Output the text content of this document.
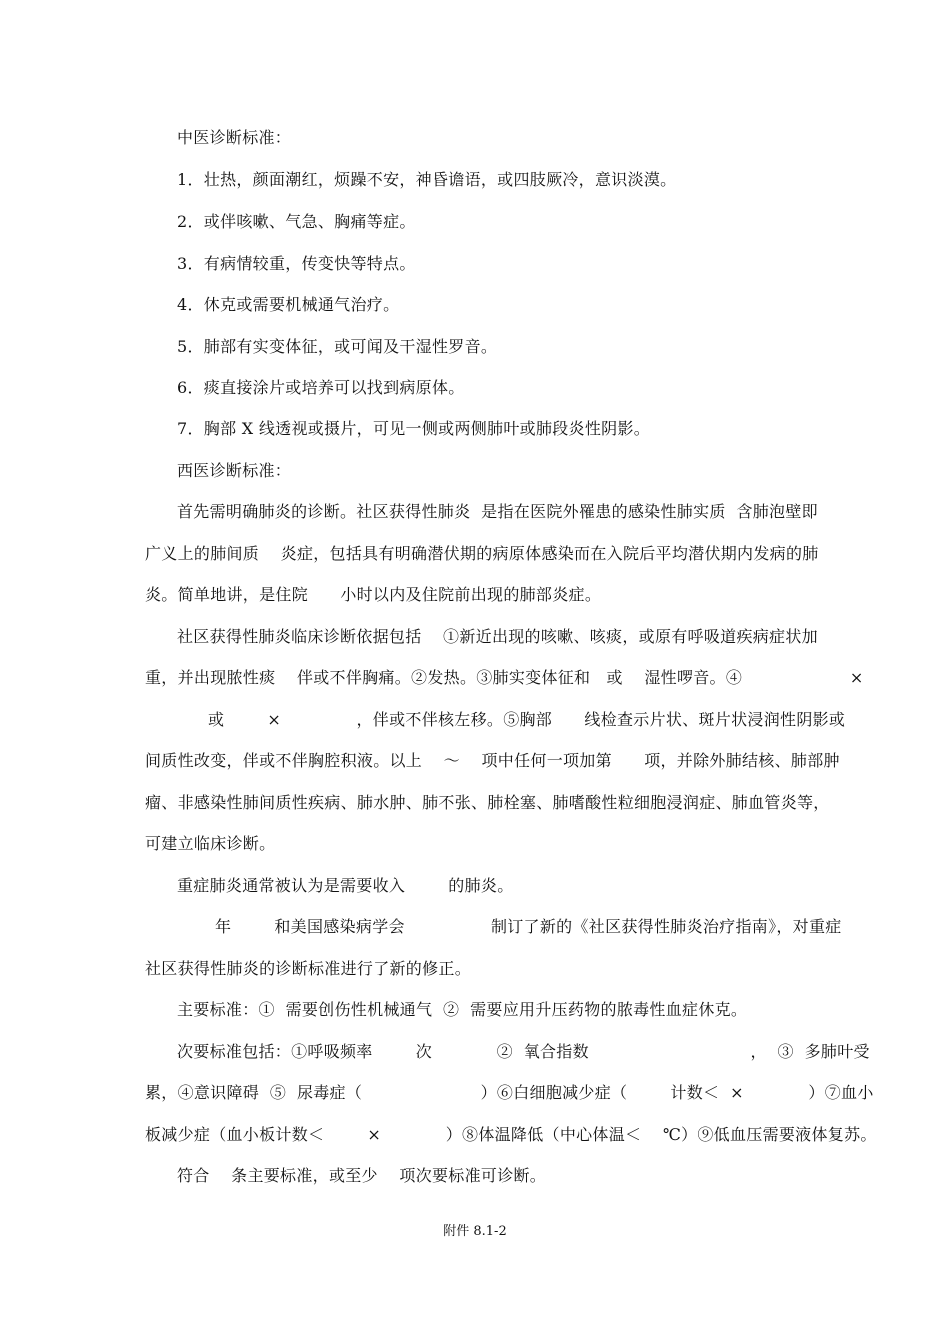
中医诊断标准：
1．壮热，颜面潮红，烦躁不安，神昏谵语，或四肢厥冷，意识淡漠。
2．或伴咳嗽、气急、胸痛等症。
3．有病情较重，传变快等特点。
4．休克或需要机械通气治疗。
5．肺部有实变体征，或可闻及干湿性罗音。
6．痰直接涂片或培养可以找到病原体。
7．胸部 X 线透视或摄片，可见一侧或两侧肺叶或肺段炎性阴影。
西医诊断标准：
首先需明确肺炎的诊断。社区获得性肺炎  是指在医院外罹患的感染性肺实质  含肺泡壁即
广义上的肺间质    炎症，包括具有明确潜伏期的病原体感染而在入院后平均潜伏期内发病的肺
炎。简单地讲，是住院      小时以内及住院前出现的肺部炎症。
社区获得性肺炎临床诊断依据包括    ①新近出现的咳嗽、咳痰，或原有呼吸道疾病症状加
重，并出现脓性痰    伴或不伴胸痛。②发热。③肺实变体征和   或    湿性啰音。④                    ×
或        ×              ，伴或不伴核左移。⑤胸部      线检查示片状、斑片状浸润性阴影或
间质性改变，伴或不伴胸腔积液。以上    ～    项中任何一项加第      项，并除外肺结核、肺部肿
瘤、非感染性肺间质性疾病、肺水肿、肺不张、肺栓塞、肺嗜酸性粒细胞浸润症、肺血管炎等，
可建立临床诊断。
重症肺炎通常被认为是需要收入        的肺炎。
年        和美国感染病学会                制订了新的《社区获得性肺炎治疗指南》，对重症
社区获得性肺炎的诊断标准进行了新的修正。
主要标准：①  需要创伤性机械通气  ②  需要应用升压药物的脓毒性血症休克。
次要标准包括：①呼吸频率        次            ②  氧合指数                              ，  ③  多肺叶受
累，④意识障碍  ⑤  尿毒症（                      ）⑥白细胞减少症（        计数＜  ×            ）⑦血小
板减少症（血小板计数＜        ×            ）⑧体温降低（中心体温＜    ℃）⑨低血压需要液体复苏。
符合    条主要标准，或至少    项次要标准可诊断。
附件 8.1-2
